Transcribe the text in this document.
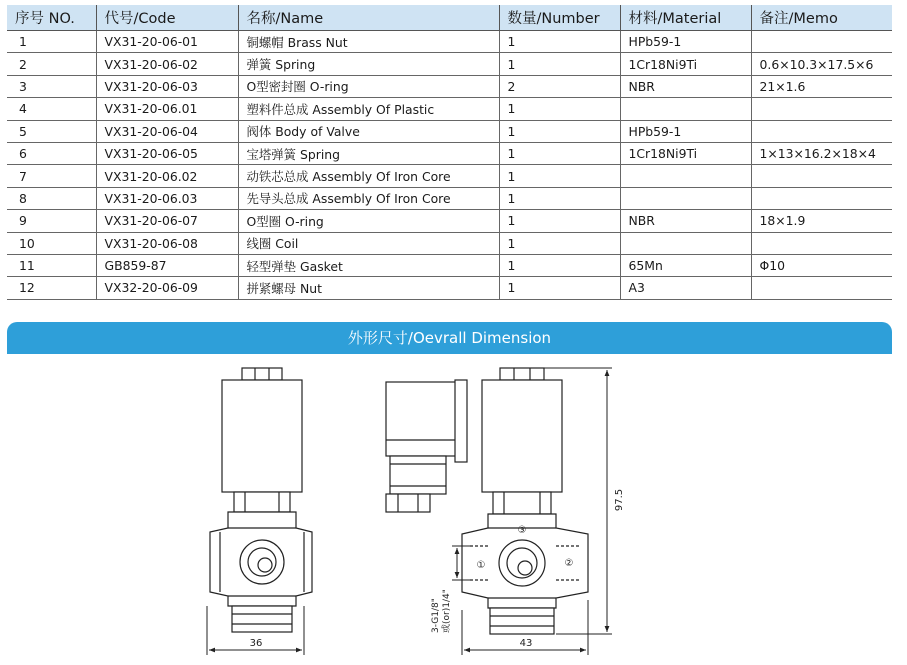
序号 NO.	代号/Code	名称/Name	数量/Number	材料/Material	备注/Memo
1	VX31-20-06-01	铜螺帽 Brass Nut	1	HPb59-1	
2	VX31-20-06-02	弹簧 Spring	1	1Cr18Ni9Ti	0.6×10.3×17.5×6
3	VX31-20-06-03	O型密封圈 O-ring	2	NBR	21×1.6
4	VX31-20-06.01	塑料件总成 Assembly Of Plastic	1		
5	VX31-20-06-04	阀体 Body of Valve	1	HPb59-1	
6	VX31-20-06-05	宝塔弹簧 Spring	1	1Cr18Ni9Ti	1×13×16.2×18×4
7	VX31-20-06.02	动铁芯总成 Assembly Of Iron Core	1		
8	VX31-20-06.03	先导头总成 Assembly Of Iron Core	1		
9	VX31-20-06-07	O型圈 O-ring	1	NBR	18×1.9
10	VX31-20-06-08	线圈 Coil	1		
11	GB859-87	轻型弹垫 Gasket	1	65Mn	Φ10
12	VX32-20-06-09	拼紧螺母 Nut	1	A3	
外形尺寸/Oevrall Dimension
36
③
①	②
43
97.5
3-G1/8" 或(or)1/4"
